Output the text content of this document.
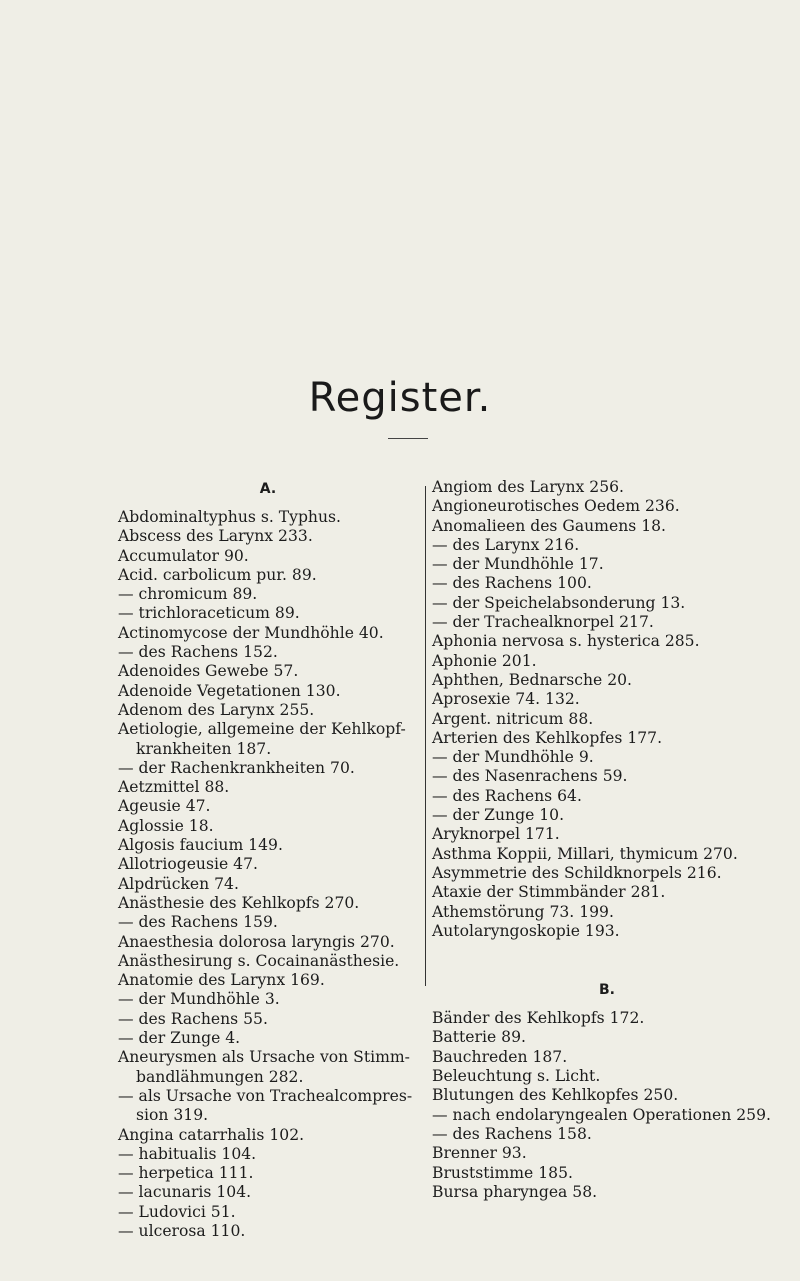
Register.
A.
Abdominaltyphus s. Typhus.
Abscess des Larynx 233.
Accumulator 90.
Acid. carbolicum pur. 89.
— chromicum 89.
— trichloraceticum 89.
Actinomycose der Mundhöhle 40.
— des Rachens 152.
Adenoides Gewebe 57.
Adenoide Vegetationen 130.
Adenom des Larynx 255.
Aetiologie, allgemeine der Kehlkopf-krankheiten 187.
— der Rachenkrankheiten 70.
Aetzmittel 88.
Ageusie 47.
Aglossie 18.
Algosis faucium 149.
Allotriogeusie 47.
Alpdrücken 74.
Anästhesie des Kehlkopfs 270.
— des Rachens 159.
Anaesthesia dolorosa laryngis 270.
Anästhesirung s. Cocainanästhesie.
Anatomie des Larynx 169.
— der Mundhöhle 3.
— des Rachens 55.
— der Zunge 4.
Aneurysmen als Ursache von Stimm-bandlähmungen 282.
— als Ursache von Trachealcompres-sion 319.
Angina catarrhalis 102.
— habitualis 104.
— herpetica 111.
— lacunaris 104.
— Ludovici 51.
— ulcerosa 110.
Angiom des Larynx 256.
Angioneurotisches Oedem 236.
Anomalieen des Gaumens 18.
— des Larynx 216.
— der Mundhöhle 17.
— des Rachens 100.
— der Speichelabsonderung 13.
— der Trachealknorpel 217.
Aphonia nervosa s. hysterica 285.
Aphonie 201.
Aphthen, Bednarsche 20.
Aprosexie 74. 132.
Argent. nitricum 88.
Arterien des Kehlkopfes 177.
— der Mundhöhle 9.
— des Nasenrachens 59.
— des Rachens 64.
— der Zunge 10.
Aryknorpel 171.
Asthma Koppii, Millari, thymicum 270.
Asymmetrie des Schildknorpels 216.
Ataxie der Stimmbänder 281.
Athemstörung 73. 199.
Autolaryngoskopie 193.
B.
Bänder des Kehlkopfs 172.
Batterie 89.
Bauchreden 187.
Beleuchtung s. Licht.
Blutungen des Kehlkopfes 250.
— nach endolaryngealen Operationen 259.
— des Rachens 158.
Brenner 93.
Bruststimme 185.
Bursa pharyngea 58.
